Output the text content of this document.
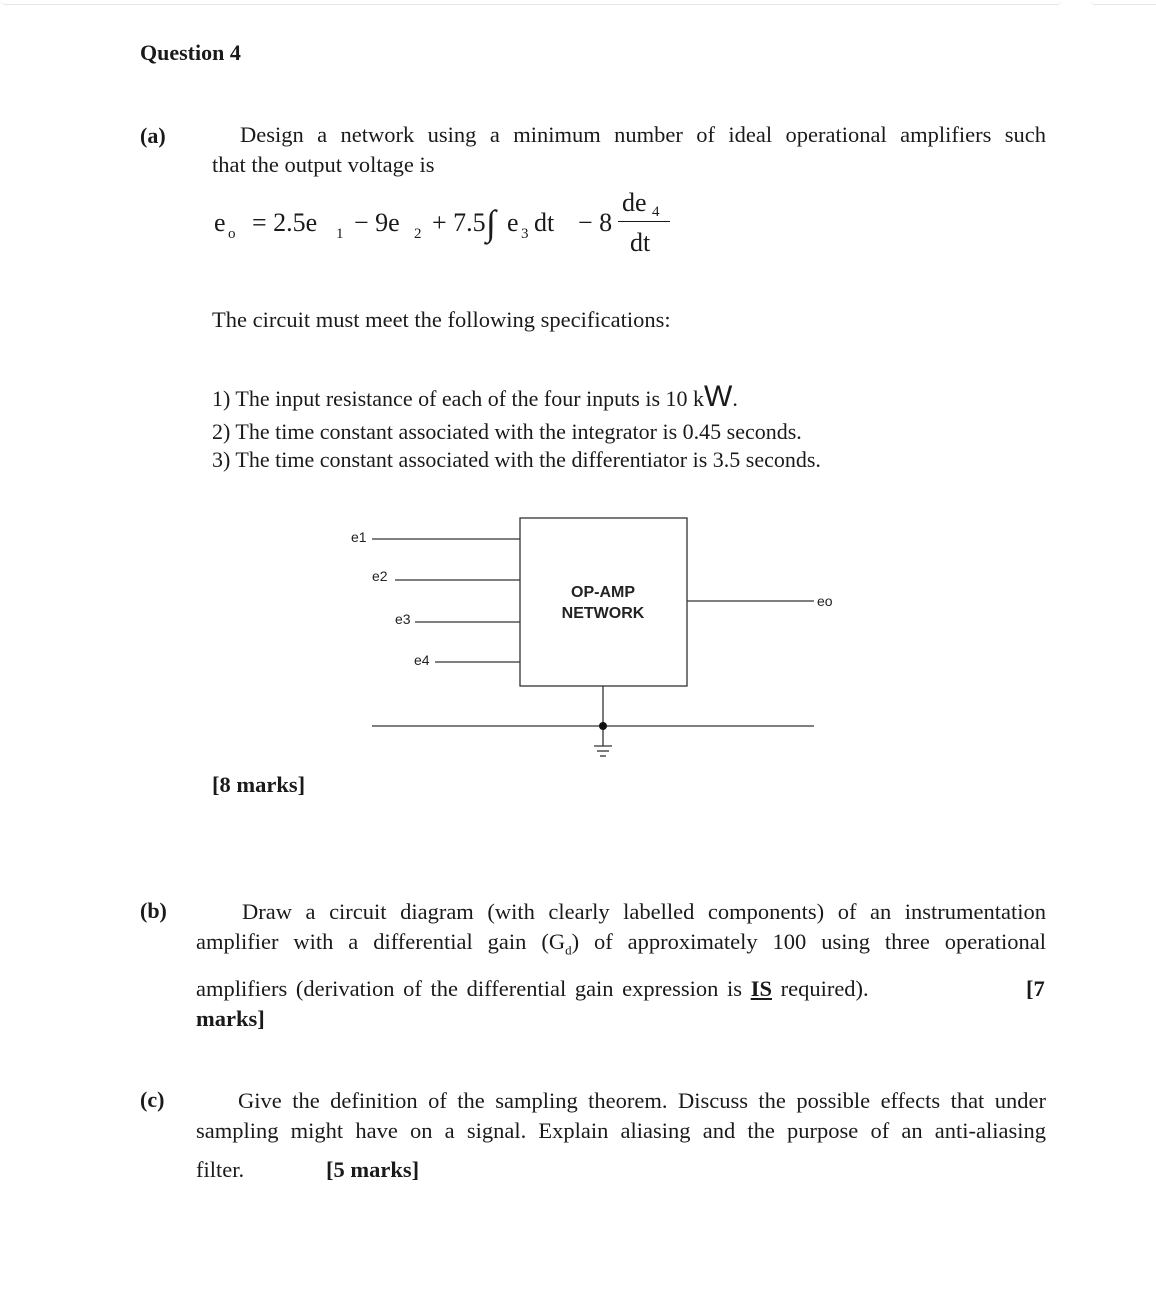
Question 4
(a)	Design a network using a minimum number of ideal operational amplifiers such
that the output voltage is
e o = 2.5e 1 − 9e 2 + 7.5 ∫ e 3 dt − 8
de 4
dt
The circuit must meet the following specifications:
1) The input resistance of each of the four inputs is 10 kW.
2) The time constant associated with the integrator is 0.45 seconds.
3) The time constant associated with the differentiator is 3.5 seconds.
e1
e2
e3
e4
OP-AMP
NETWORK
eo
[8 marks]
(b)	Draw a circuit diagram (with clearly labelled components) of an instrumentation
amplifier with a differential gain $(G_d)$ of approximately 100 using three operational
amplifiers (derivation of the differential gain expression is IS required).	[7
marks]
(c)	Give the definition of the sampling theorem. Discuss the possible effects that under
sampling might have on a signal. Explain aliasing and the purpose of an anti-aliasing
filter.	[5 marks]
